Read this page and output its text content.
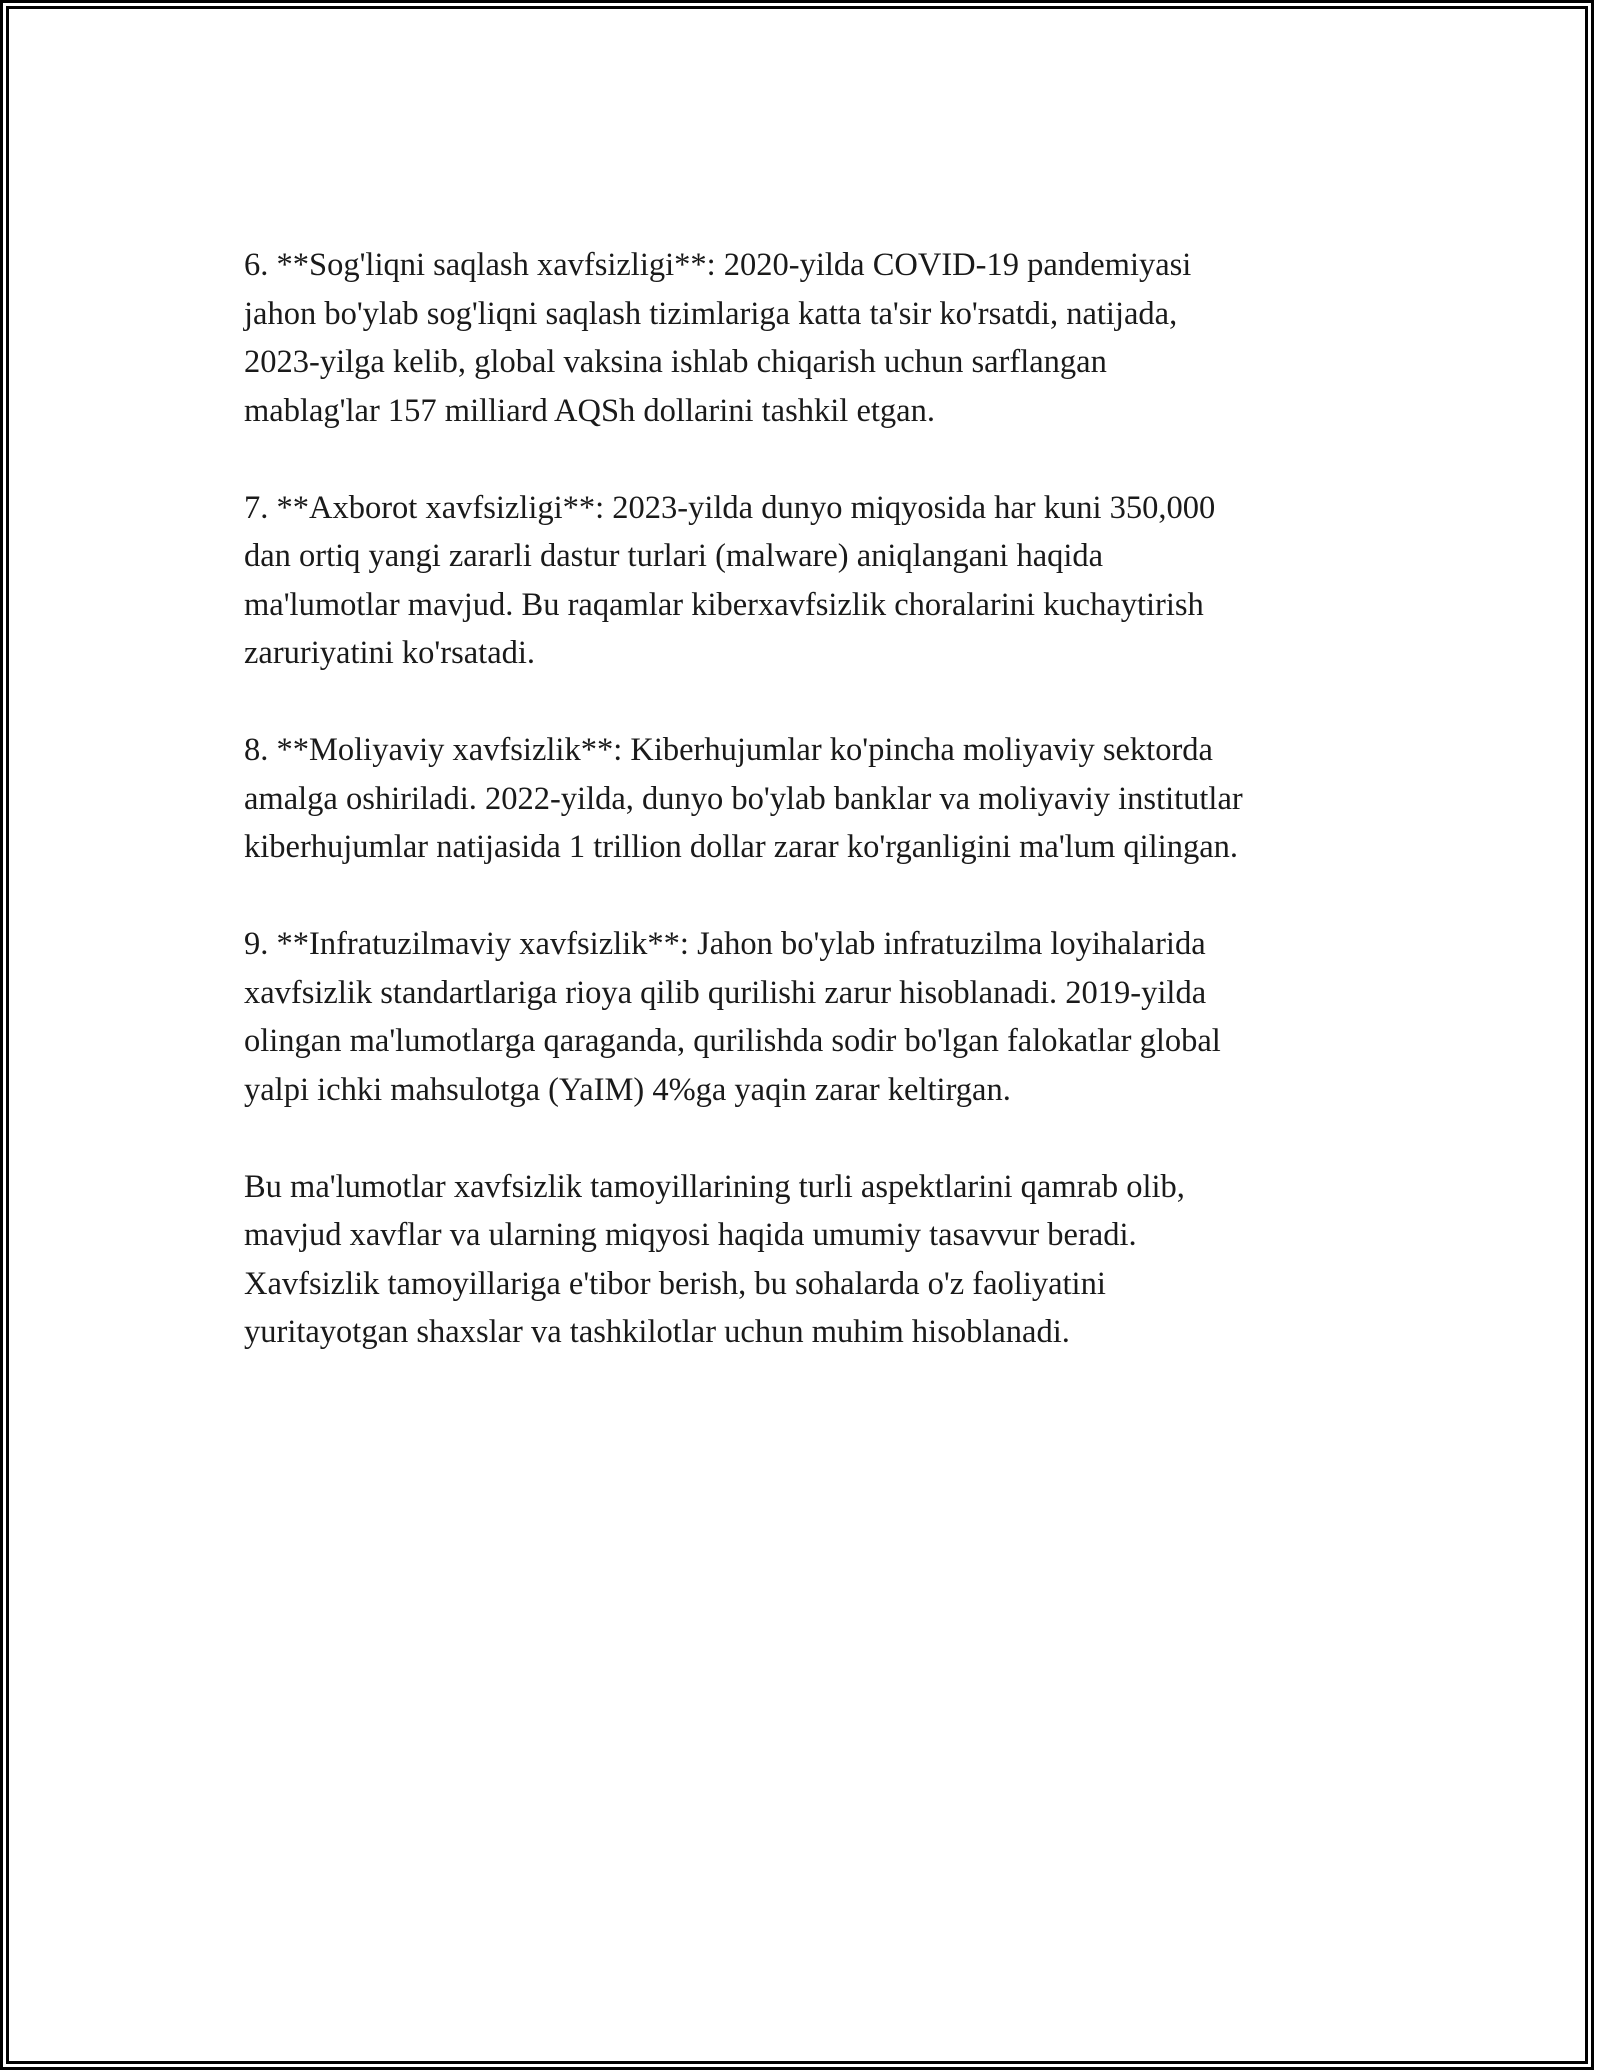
6. **Sog'liqni saqlash xavfsizligi**: 2020-yilda COVID-19 pandemiyasi
jahon bo'ylab sog'liqni saqlash tizimlariga katta ta'sir ko'rsatdi, natijada,
2023-yilga kelib, global vaksina ishlab chiqarish uchun sarflangan
mablag'lar 157 milliard AQSh dollarini tashkil etgan.

7. **Axborot xavfsizligi**: 2023-yilda dunyo miqyosida har kuni 350,000
dan ortiq yangi zararli dastur turlari (malware) aniqlangani haqida
ma'lumotlar mavjud. Bu raqamlar kiberxavfsizlik choralarini kuchaytirish
zaruriyatini ko'rsatadi.

8. **Moliyaviy xavfsizlik**: Kiberhujumlar ko'pincha moliyaviy sektorda
amalga oshiriladi. 2022-yilda, dunyo bo'ylab banklar va moliyaviy institutlar
kiberhujumlar natijasida 1 trillion dollar zarar ko'rganligini ma'lum qilingan.

9. **Infratuzilmaviy xavfsizlik**: Jahon bo'ylab infratuzilma loyihalarida
xavfsizlik standartlariga rioya qilib qurilishi zarur hisoblanadi. 2019-yilda
olingan ma'lumotlarga qaraganda, qurilishda sodir bo'lgan falokatlar global
yalpi ichki mahsulotga (YaIM) 4%ga yaqin zarar keltirgan.

Bu ma'lumotlar xavfsizlik tamoyillarining turli aspektlarini qamrab olib,
mavjud xavflar va ularning miqyosi haqida umumiy tasavvur beradi.
Xavfsizlik tamoyillariga e'tibor berish, bu sohalarda o'z faoliyatini
yuritayotgan shaxslar va tashkilotlar uchun muhim hisoblanadi.
